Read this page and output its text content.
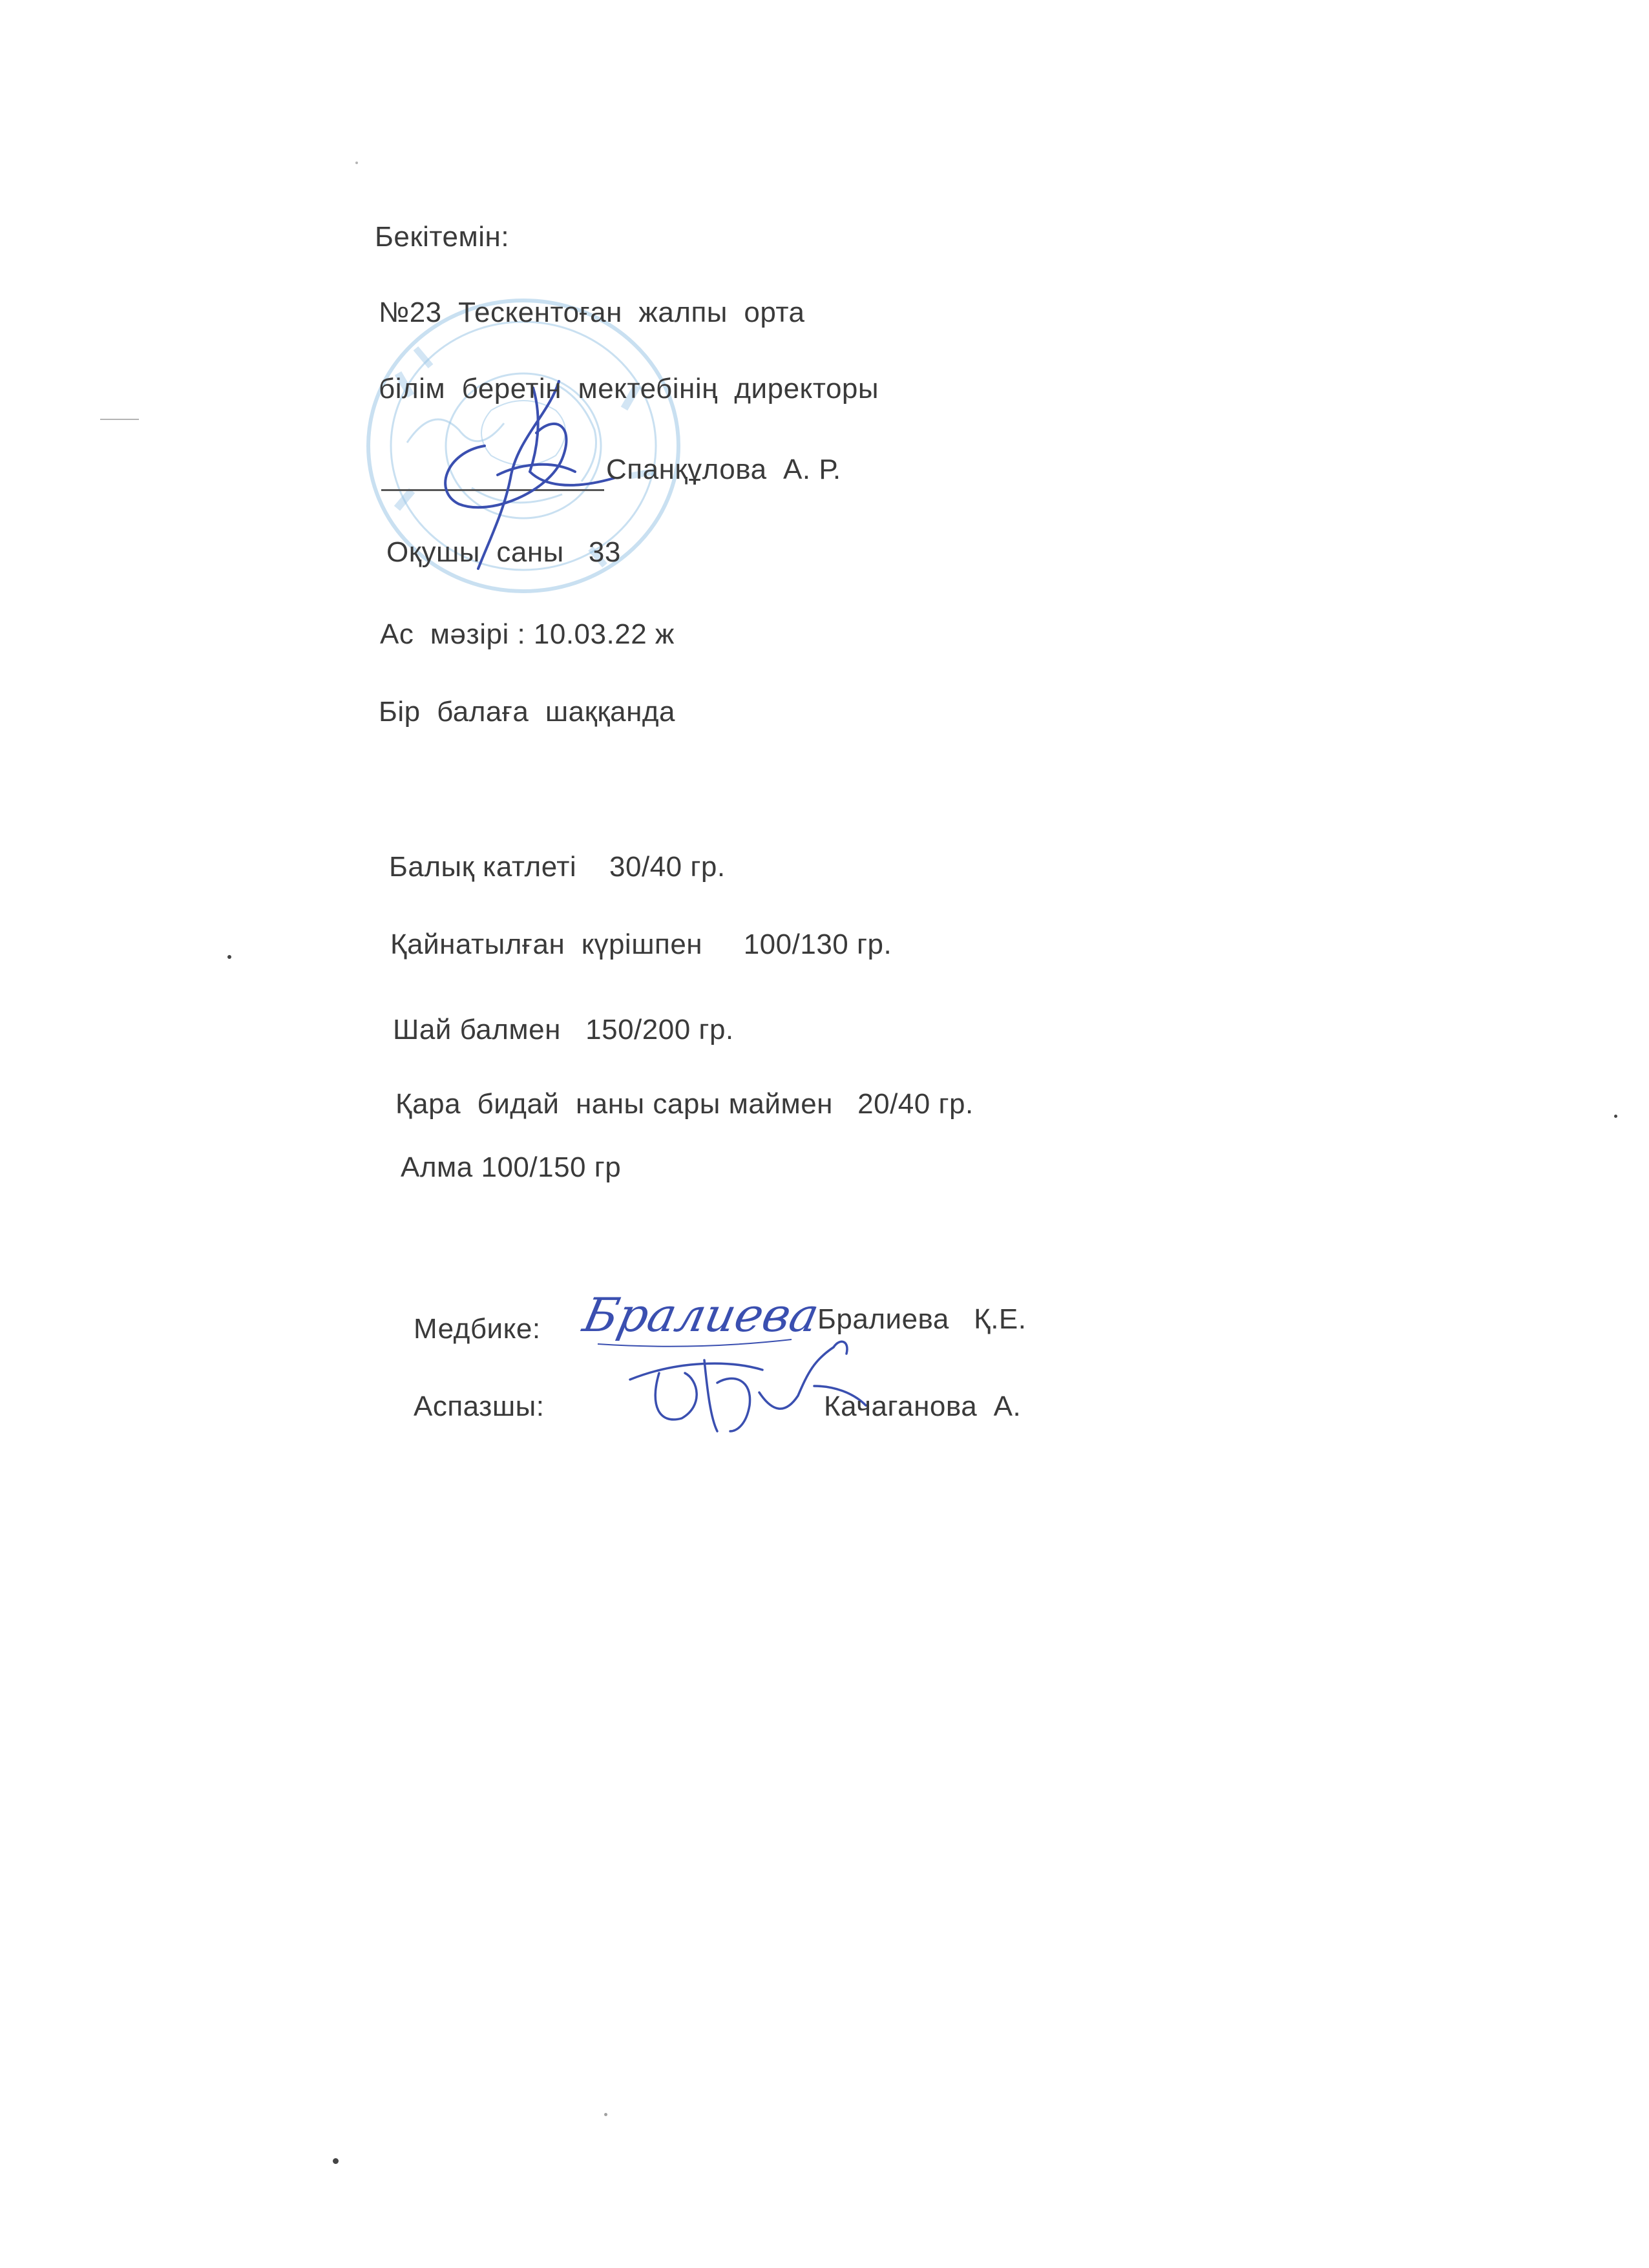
Бекітемін:
№23  Тескентоған  жалпы  орта
білім  беретін  мектебінің  директоры
Спанқұлова  А. Р.
Оқушы  саны   33
Ас  мәзірі : 10.03.22 ж
Бір  балаға  шаққанда
Балық катлеті    30/40 гр.
Қайнатылған  күрішпен     100/130 гр.
Шай балмен   150/200 гр.
Қара  бидай  наны сары маймен   20/40 гр.
Алма 100/150 гр
Медбике: Бралиева
Бралиева   Қ.Е.
Аспазшы:	Качаганова  А.
